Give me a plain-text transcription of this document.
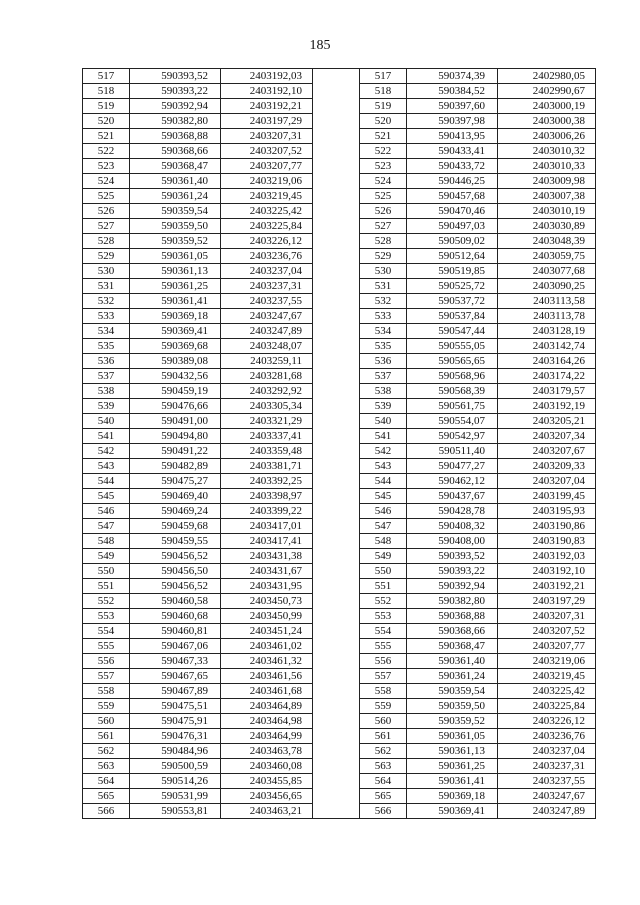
185
517	590393,52	2403192,03		517	590374,39	2402980,05
518	590393,22	2403192,10		518	590384,52	2402990,67
519	590392,94	2403192,21		519	590397,60	2403000,19
520	590382,80	2403197,29		520	590397,98	2403000,38
521	590368,88	2403207,31		521	590413,95	2403006,26
522	590368,66	2403207,52		522	590433,41	2403010,32
523	590368,47	2403207,77		523	590433,72	2403010,33
524	590361,40	2403219,06		524	590446,25	2403009,98
525	590361,24	2403219,45		525	590457,68	2403007,38
526	590359,54	2403225,42		526	590470,46	2403010,19
527	590359,50	2403225,84		527	590497,03	2403030,89
528	590359,52	2403226,12		528	590509,02	2403048,39
529	590361,05	2403236,76		529	590512,64	2403059,75
530	590361,13	2403237,04		530	590519,85	2403077,68
531	590361,25	2403237,31		531	590525,72	2403090,25
532	590361,41	2403237,55		532	590537,72	2403113,58
533	590369,18	2403247,67		533	590537,84	2403113,78
534	590369,41	2403247,89		534	590547,44	2403128,19
535	590369,68	2403248,07		535	590555,05	2403142,74
536	590389,08	2403259,11		536	590565,65	2403164,26
537	590432,56	2403281,68		537	590568,96	2403174,22
538	590459,19	2403292,92		538	590568,39	2403179,57
539	590476,66	2403305,34		539	590561,75	2403192,19
540	590491,00	2403321,29		540	590554,07	2403205,21
541	590494,80	2403337,41		541	590542,97	2403207,34
542	590491,22	2403359,48		542	590511,40	2403207,67
543	590482,89	2403381,71		543	590477,27	2403209,33
544	590475,27	2403392,25		544	590462,12	2403207,04
545	590469,40	2403398,97		545	590437,67	2403199,45
546	590469,24	2403399,22		546	590428,78	2403195,93
547	590459,68	2403417,01		547	590408,32	2403190,86
548	590459,55	2403417,41		548	590408,00	2403190,83
549	590456,52	2403431,38		549	590393,52	2403192,03
550	590456,50	2403431,67		550	590393,22	2403192,10
551	590456,52	2403431,95		551	590392,94	2403192,21
552	590460,58	2403450,73		552	590382,80	2403197,29
553	590460,68	2403450,99		553	590368,88	2403207,31
554	590460,81	2403451,24		554	590368,66	2403207,52
555	590467,06	2403461,02		555	590368,47	2403207,77
556	590467,33	2403461,32		556	590361,40	2403219,06
557	590467,65	2403461,56		557	590361,24	2403219,45
558	590467,89	2403461,68		558	590359,54	2403225,42
559	590475,51	2403464,89		559	590359,50	2403225,84
560	590475,91	2403464,98		560	590359,52	2403226,12
561	590476,31	2403464,99		561	590361,05	2403236,76
562	590484,96	2403463,78		562	590361,13	2403237,04
563	590500,59	2403460,08		563	590361,25	2403237,31
564	590514,26	2403455,85		564	590361,41	2403237,55
565	590531,99	2403456,65		565	590369,18	2403247,67
566	590553,81	2403463,21		566	590369,41	2403247,89
